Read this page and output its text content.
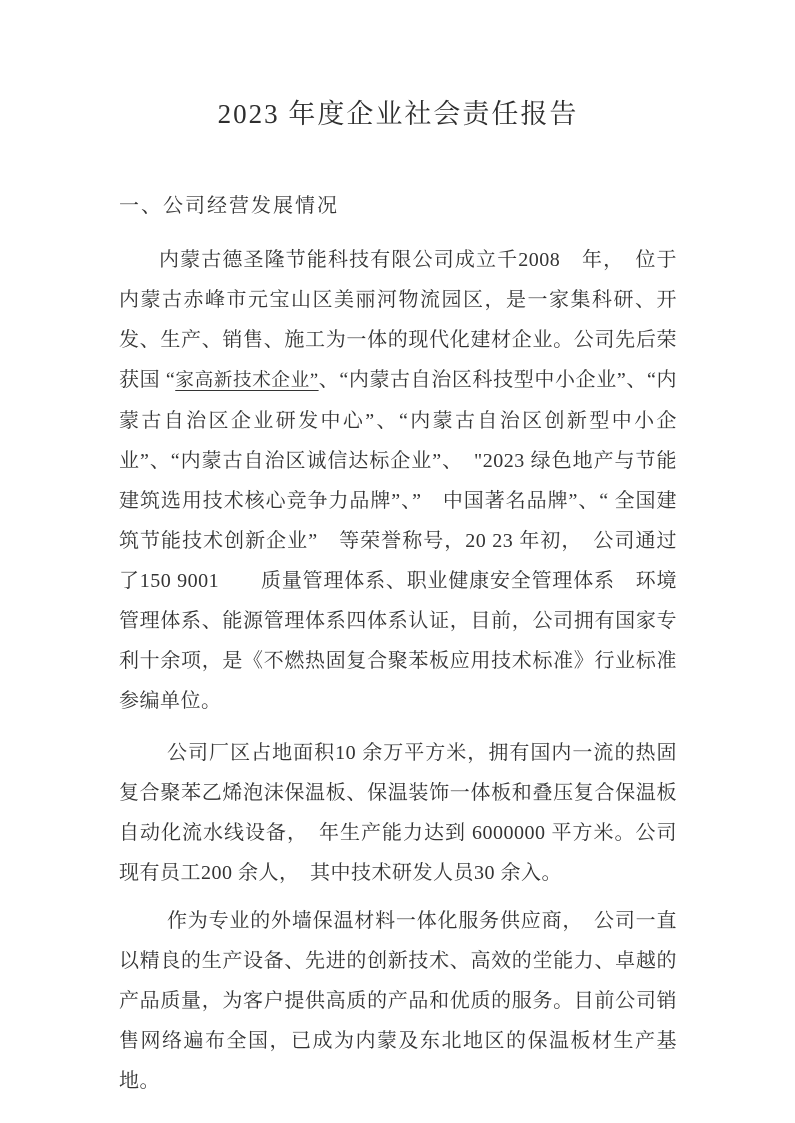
2023 年度企业社会责任报告
一、公司经营发展情况

内蒙古德圣隆节能科技有限公司成立千2008　年，　位于内蒙古赤峰市元宝山区美丽河物流园区，是一家集科研、开发、生产、销售、施工为一体的现代化建材企业。公司先后荣获国 “家高新技术企业”、“内蒙古自治区科技型中小企业”、“内蒙古自治区企业研发中心”、“内蒙古自治区创新型中小企业”、“内蒙古自治区诚信达标企业”、　"2023 绿色地产与节能建筑选用技术核心竞争力品牌”、”　中国著名品牌”、“ 全国建筑节能技术创新企业”　等荣誉称号，20 23 年初，　公司通过了150 9001　　质量管理体系、职业健康安全管理体系　环境管理体系、能源管理体系四体系认证，目前，公司拥有国家专利十余项，是《不燃热固复合聚苯板应用技术标准》行业标准参编单位。

公司厂区占地面积10 余万平方米，拥有国内一流的热固复合聚苯乙烯泡沫保温板、保温装饰一体板和叠压复合保温板自动化流水线设备，　年生产能力达到 6000000 平方米。公司现有员工200 余人，　其中技术研发人员30 余入。

作为专业的外墙保温材料一体化服务供应商，　公司一直以精良的生产设备、先进的创新技术、高效的坣能力、卓越的产品质量，为客户提供高质的产品和优质的服务。目前公司销售网络遍布全国，已成为内蒙及东北地区的保温板材生产基地。
